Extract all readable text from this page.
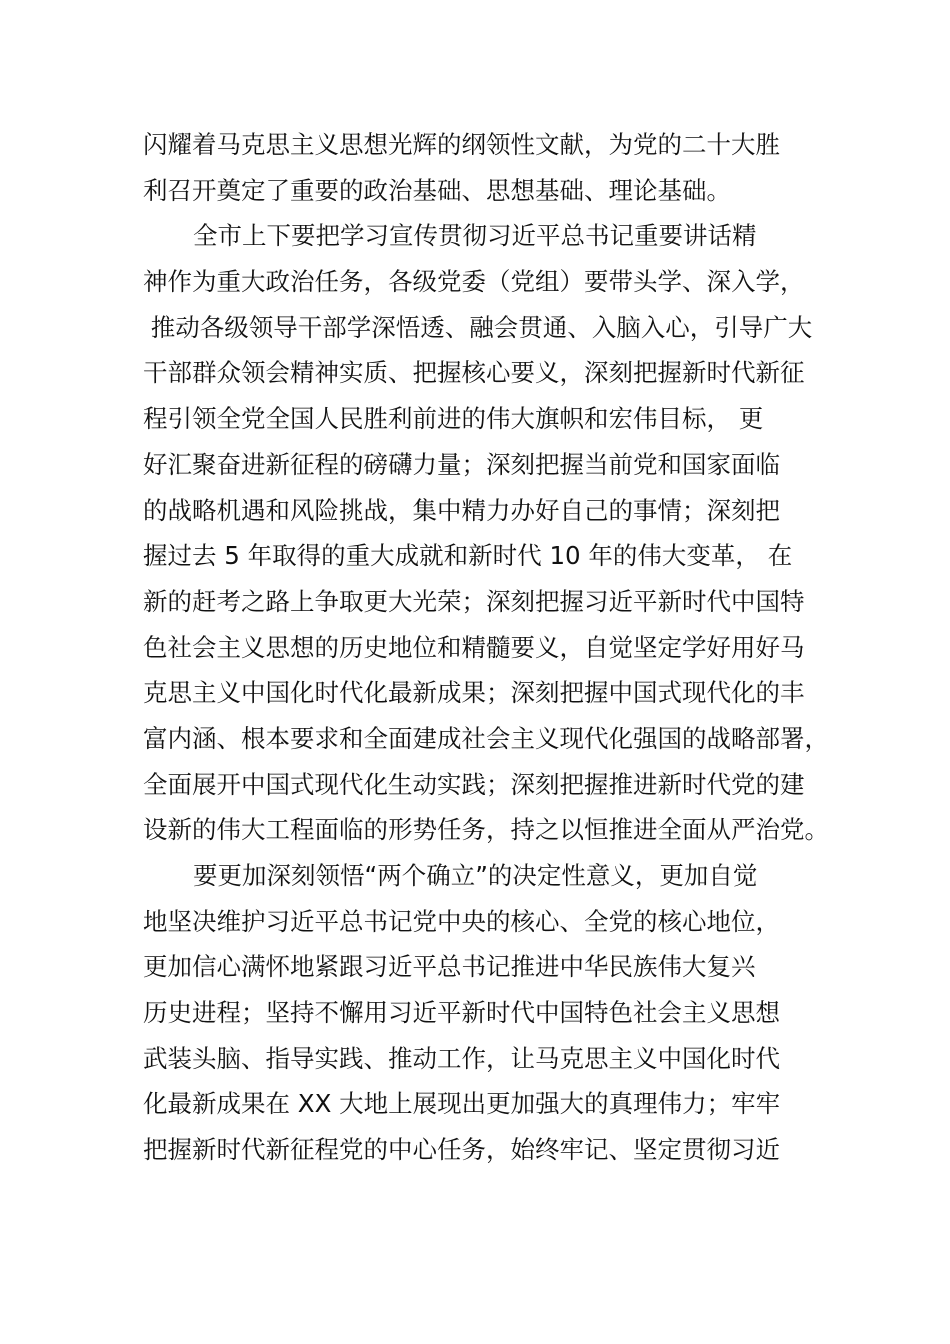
闪耀着马克思主义思想光辉的纲领性文献，为党的二十大胜
利召开奠定了重要的政治基础、思想基础、理论基础。
全市上下要把学习宣传贯彻习近平总书记重要讲话精
神作为重大政治任务，各级党委（党组）要带头学、深入学，
推动各级领导干部学深悟透、融会贯通、入脑入心，引导广大
干部群众领会精神实质、把握核心要义，深刻把握新时代新征
程引领全党全国人民胜利前进的伟大旗帜和宏伟目标， 更
好汇聚奋进新征程的磅礴力量；深刻把握当前党和国家面临
的战略机遇和风险挑战，集中精力办好自己的事情；深刻把
握过去 5 年取得的重大成就和新时代 10 年的伟大变革， 在
新的赶考之路上争取更大光荣；深刻把握习近平新时代中国特
色社会主义思想的历史地位和精髓要义，自觉坚定学好用好马
克思主义中国化时代化最新成果；深刻把握中国式现代化的丰
富内涵、根本要求和全面建成社会主义现代化强国的战略部署，
全面展开中国式现代化生动实践；深刻把握推进新时代党的建
设新的伟大工程面临的形势任务，持之以恒推进全面从严治党。
要更加深刻领悟“两个确立”的决定性意义，更加自觉
地坚决维护习近平总书记党中央的核心、全党的核心地位，
更加信心满怀地紧跟习近平总书记推进中华民族伟大复兴
历史进程；坚持不懈用习近平新时代中国特色社会主义思想
武装头脑、指导实践、推动工作，让马克思主义中国化时代
化最新成果在 XX 大地上展现出更加强大的真理伟力；牢牢
把握新时代新征程党的中心任务，始终牢记、坚定贯彻习近
